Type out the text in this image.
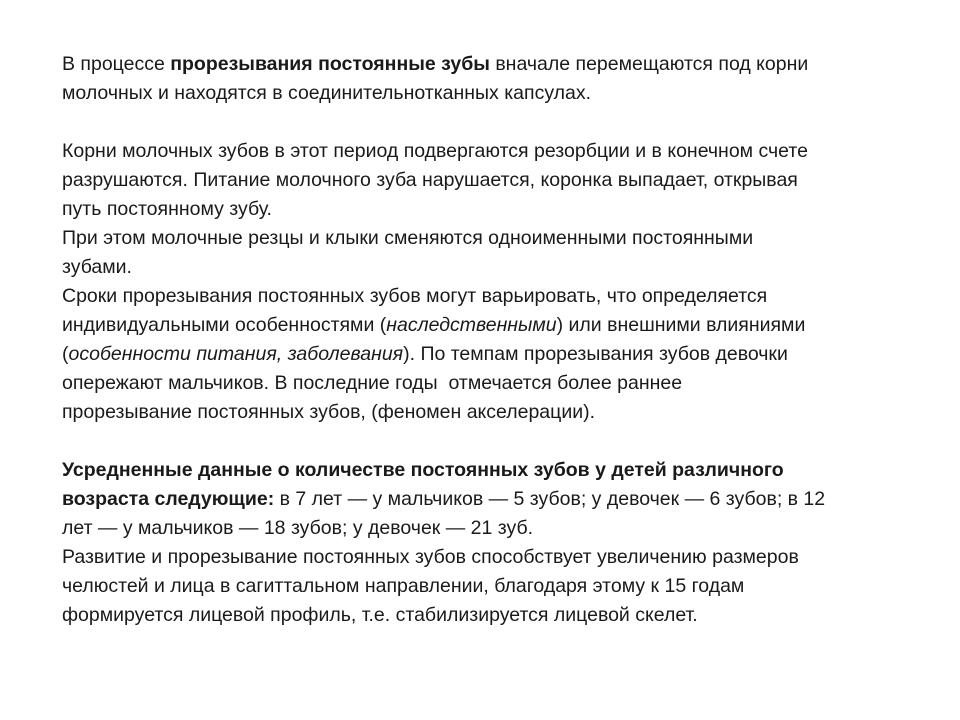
В процессе прорезывания постоянные зубы вначале перемещаются под корни
молочных и находятся в соединительнотканных капсулах.
Корни молочных зубов в этот период подвергаются резорбции и в конечном счете
разрушаются. Питание молочного зуба нарушается, коронка выпадает, открывая
путь постоянному зубу.
При этом молочные резцы и клыки сменяются одноименными постоянными
зубами.
Сроки прорезывания постоянных зубов могут варьировать, что определяется
индивидуальными особенностями (наследственными) или внешними влияниями
(особенности питания, заболевания). По темпам прорезывания зубов девочки
опережают мальчиков. В последние годы  отмечается более раннее
прорезывание постоянных зубов, (феномен акселерации).
Усредненные данные о количестве постоянных зубов у детей различного
возраста следующие: в 7 лет — у мальчиков — 5 зубов; у девочек — 6 зубов; в 12
лет — у мальчиков — 18 зубов; у девочек — 21 зуб.
Развитие и прорезывание постоянных зубов способствует увеличению размеров
челюстей и лица в сагиттальном направлении, благодаря этому к 15 годам
формируется лицевой профиль, т.е. стабилизируется лицевой скелет.
